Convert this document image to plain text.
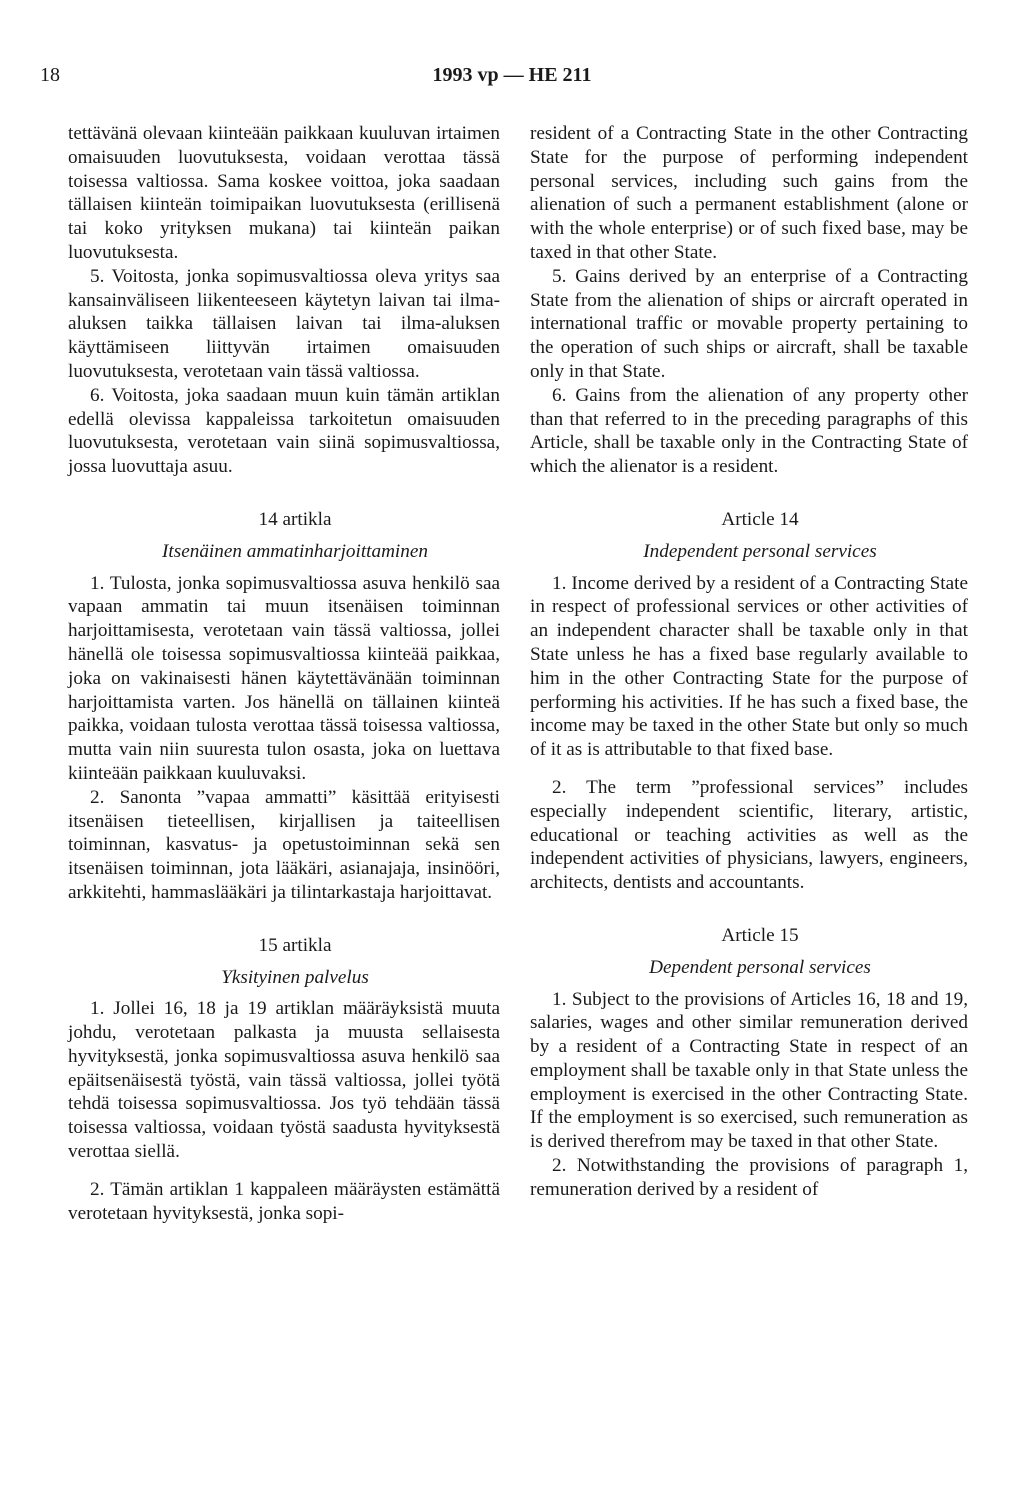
18	1993 vp — HE 211

tettävänä olevaan kiinteään paikkaan kuuluvan irtaimen omaisuuden luovutuksesta, voidaan verottaa tässä toisessa valtiossa. Sama koskee voittoa, joka saadaan tällaisen kiinteän toimipaikan luovutuksesta (erillisenä tai koko yrityksen mukana) tai kiinteän paikan luovutuksesta.

5. Voitosta, jonka sopimusvaltiossa oleva yritys saa kansainväliseen liikenteeseen käytetyn laivan tai ilma-aluksen taikka tällaisen laivan tai ilma-aluksen käyttämiseen liittyvän irtaimen omaisuuden luovutuksesta, verotetaan vain tässä valtiossa.

6. Voitosta, joka saadaan muun kuin tämän artiklan edellä olevissa kappaleissa tarkoitetun omaisuuden luovutuksesta, verotetaan vain siinä sopimusvaltiossa, jossa luovuttaja asuu.

14 artikla

Itsenäinen ammatinharjoittaminen

1. Tulosta, jonka sopimusvaltiossa asuva henkilö saa vapaan ammatin tai muun itsenäisen toiminnan harjoittamisesta, verotetaan vain tässä valtiossa, jollei hänellä ole toisessa sopimusvaltiossa kiinteää paikkaa, joka on vakinaisesti hänen käytettävänään toiminnan harjoittamista varten. Jos hänellä on tällainen kiinteä paikka, voidaan tulosta verottaa tässä toisessa valtiossa, mutta vain niin suuresta tulon osasta, joka on luettava kiinteään paikkaan kuuluvaksi.

2. Sanonta ”vapaa ammatti” käsittää erityisesti itsenäisen tieteellisen, kirjallisen ja taiteellisen toiminnan, kasvatus- ja opetustoiminnan sekä sen itsenäisen toiminnan, jota lääkäri, asianajaja, insinööri, arkkitehti, hammaslääkäri ja tilintarkastaja harjoittavat.

15 artikla

Yksityinen palvelus

1. Jollei 16, 18 ja 19 artiklan määräyksistä muuta johdu, verotetaan palkasta ja muusta sellaisesta hyvityksestä, jonka sopimusvaltiossa asuva henkilö saa epäitsenäisestä työstä, vain tässä valtiossa, jollei työtä tehdä toisessa sopimusvaltiossa. Jos työ tehdään tässä toisessa valtiossa, voidaan työstä saadusta hyvityksestä verottaa siellä.

2. Tämän artiklan 1 kappaleen määräysten estämättä verotetaan hyvityksestä, jonka sopi-

resident of a Contracting State in the other Contracting State for the purpose of performing independent personal services, including such gains from the alienation of such a permanent establishment (alone or with the whole enterprise) or of such fixed base, may be taxed in that other State.

5. Gains derived by an enterprise of a Contracting State from the alienation of ships or aircraft operated in international traffic or movable property pertaining to the operation of such ships or aircraft, shall be taxable only in that State.

6. Gains from the alienation of any property other than that referred to in the preceding paragraphs of this Article, shall be taxable only in the Contracting State of which the alienator is a resident.

Article 14

Independent personal services

1. Income derived by a resident of a Contracting State in respect of professional services or other activities of an independent character shall be taxable only in that State unless he has a fixed base regularly available to him in the other Contracting State for the purpose of performing his activities. If he has such a fixed base, the income may be taxed in the other State but only so much of it as is attributable to that fixed base.

2. The term ”professional services” includes especially independent scientific, literary, artistic, educational or teaching activities as well as the independent activities of physicians, lawyers, engineers, architects, dentists and accountants.

Article 15

Dependent personal services

1. Subject to the provisions of Articles 16, 18 and 19, salaries, wages and other similar remuneration derived by a resident of a Contracting State in respect of an employment shall be taxable only in that State unless the employment is exercised in the other Contracting State. If the employment is so exercised, such remuneration as is derived therefrom may be taxed in that other State.

2. Notwithstanding the provisions of paragraph 1, remuneration derived by a resident of
